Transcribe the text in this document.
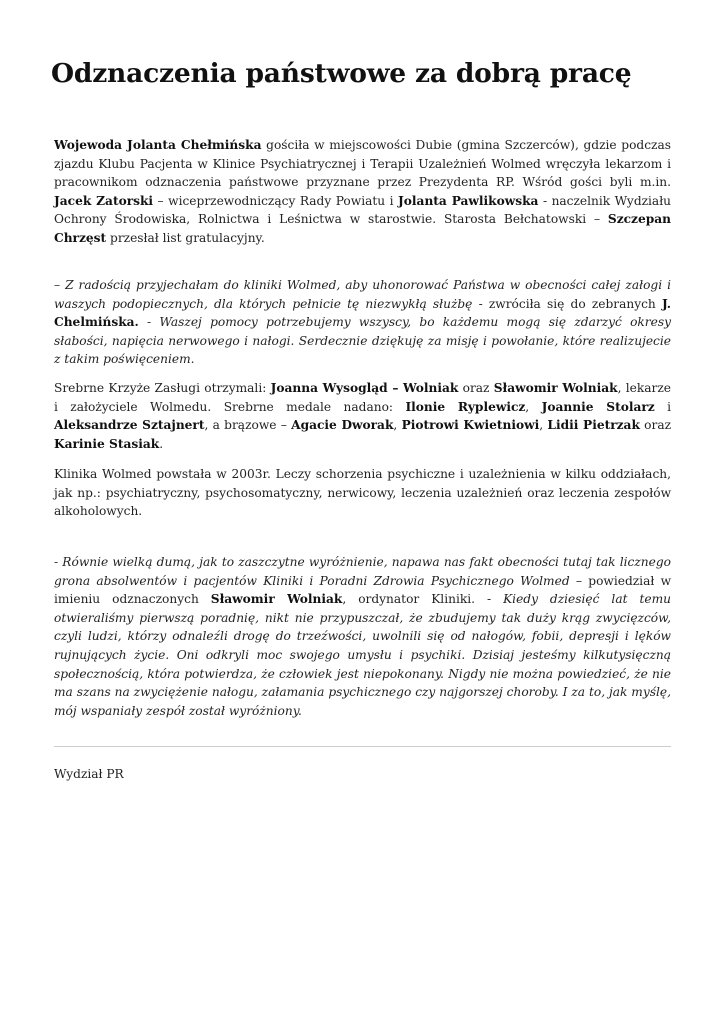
Odznaczenia państwowe za dobrą pracę

Wojewoda Jolanta Chełmińska gościła w miejscowości Dubie (gmina Szczerców), gdzie podczas zjazdu Klubu Pacjenta w Klinice Psychiatrycznej i Terapii Uzależnień Wolmed wręczyła lekarzom i pracownikom odznaczenia państwowe przyznane przez Prezydenta RP. Wśród gości byli m.in. Jacek Zatorski – wiceprzewodniczący Rady Powiatu i Jolanta Pawlikowska - naczelnik Wydziału Ochrony Środowiska, Rolnictwa i Leśnictwa w starostwie. Starosta Bełchatowski – Szczepan Chrzęst przesłał list gratulacyjny.

– Z radością przyjechałam do kliniki Wolmed, aby uhonorować Państwa w obecności całej załogi i waszych podopiecznych, dla których pełnicie tę niezwykłą służbę - zwróciła się do zebranych J. Chelmińska. - Waszej pomocy potrzebujemy wszyscy, bo każdemu mogą się zdarzyć okresy słabości, napięcia nerwowego i nałogi. Serdecznie dziękuję za misję i powołanie, które realizujecie z takim poświęceniem.

Srebrne Krzyże Zasługi otrzymali: Joanna Wysogląd – Wolniak oraz Sławomir Wolniak, lekarze i założyciele Wolmedu. Srebrne medale nadano: Ilonie Ryplewicz, Joannie Stolarz i Aleksandrze Sztajnert, a brązowe – Agacie Dworak, Piotrowi Kwietniowi, Lidii Pietrzak oraz Karinie Stasiak.

Klinika Wolmed powstała w 2003r. Leczy schorzenia psychiczne i uzależnienia w kilku oddziałach, jak np.: psychiatryczny, psychosomatyczny, nerwicowy, leczenia uzależnień oraz leczenia zespołów alkoholowych.

- Równie wielką dumą, jak to zaszczytne wyróżnienie, napawa nas fakt obecności tutaj tak licznego grona absolwentów i pacjentów Kliniki i Poradni Zdrowia Psychicznego Wolmed – powiedział w imieniu odznaczonych Sławomir Wolniak, ordynator Kliniki. - Kiedy dziesięć lat temu otwieraliśmy pierwszą poradnię, nikt nie przypuszczał, że zbudujemy tak duży krąg zwycięzców, czyli ludzi, którzy odnaleźli drogę do trzeźwości, uwolnili się od nałogów, fobii, depresji i lęków rujnujących życie. Oni odkryli moc swojego umysłu i psychiki. Dzisiaj jesteśmy kilkutysięczną społecznością, która potwierdza, że człowiek jest niepokonany. Nigdy nie można powiedzieć, że nie ma szans na zwyciężenie nałogu, załamania psychicznego czy najgorszej choroby. I za to, jak myślę, mój wspaniały zespół został wyróżniony.

Wydział PR
